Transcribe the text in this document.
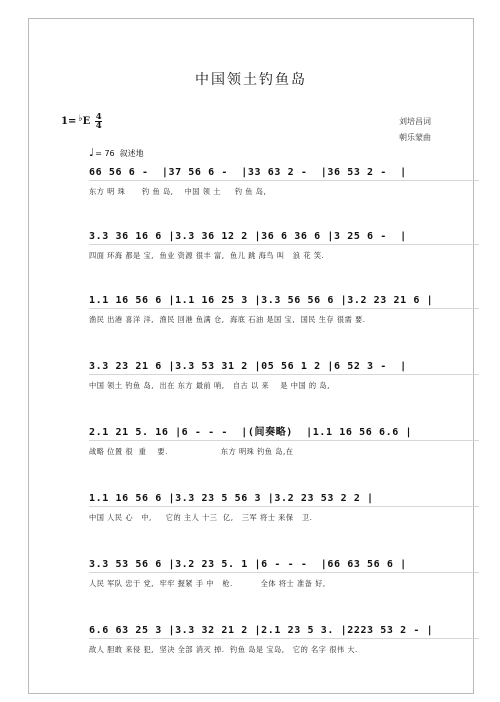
中国领土钓鱼岛
1 = ♭ E $\frac{4}{4}$	刘培昌词
朝乐蒙曲
♩ = 76 叙述地
66 56 6 -  |37 56 6 -  |33 63 2 -  |36 53 2 -  |
东方 明 珠      钓 鱼 岛,    中国 领 土     钓 鱼 岛,
3.3 36 16 6 |3.3 36 12 2 |36 6 36 6 |3 25 6 -  |
四面 环海 都是 宝,  鱼业 资源 很丰 富,  鱼儿 跳 海鸟 叫   浪 花 笑.
1.1 16 56 6 |1.1 16 25 3 |3.3 56 56 6 |3.2 23 21 6 |
渔民 出港 喜洋 洋,  渔民 回港 鱼满 仓,  海底 石油 是国 宝,  国民 生存 很需 要.
3.3 23 21 6 |3.3 53 31 2 |05 56 1 2 |6 52 3 -  |
中国 领土 钓鱼 岛,  出在 东方 最前 哨,   自古 以 来    是 中国 的 岛,
2.1 21 5. 16 |6 - - -  |(间奏略)  |1.1 16 56 6.6 |
战略 位置 很  重    要.                   东方 明珠 钓鱼 岛,在
1.1 16 56 6 |3.3 23 5 56 3 |3.2 23 53 2 2 |
中国 人民 心   中,     它的 主人 十三  亿,   三军 将士 来保   卫.
3.3 53 56 6 |3.2 23 5. 1 |6 - - -  |66 63 56 6 |
人民 军队 忠于 党,  牢牢 握紧 手 中   枪.          全体 将士 准备 好,
6.6 63 25 3 |3.3 32 21 2 |2.1 23 5 3. |2223 53 2 - |
敌人 胆敢 来侵 犯,  坚决 全部 消灭 掉.  钓鱼 岛是 宝岛,   它的 名字 很伟 大.
